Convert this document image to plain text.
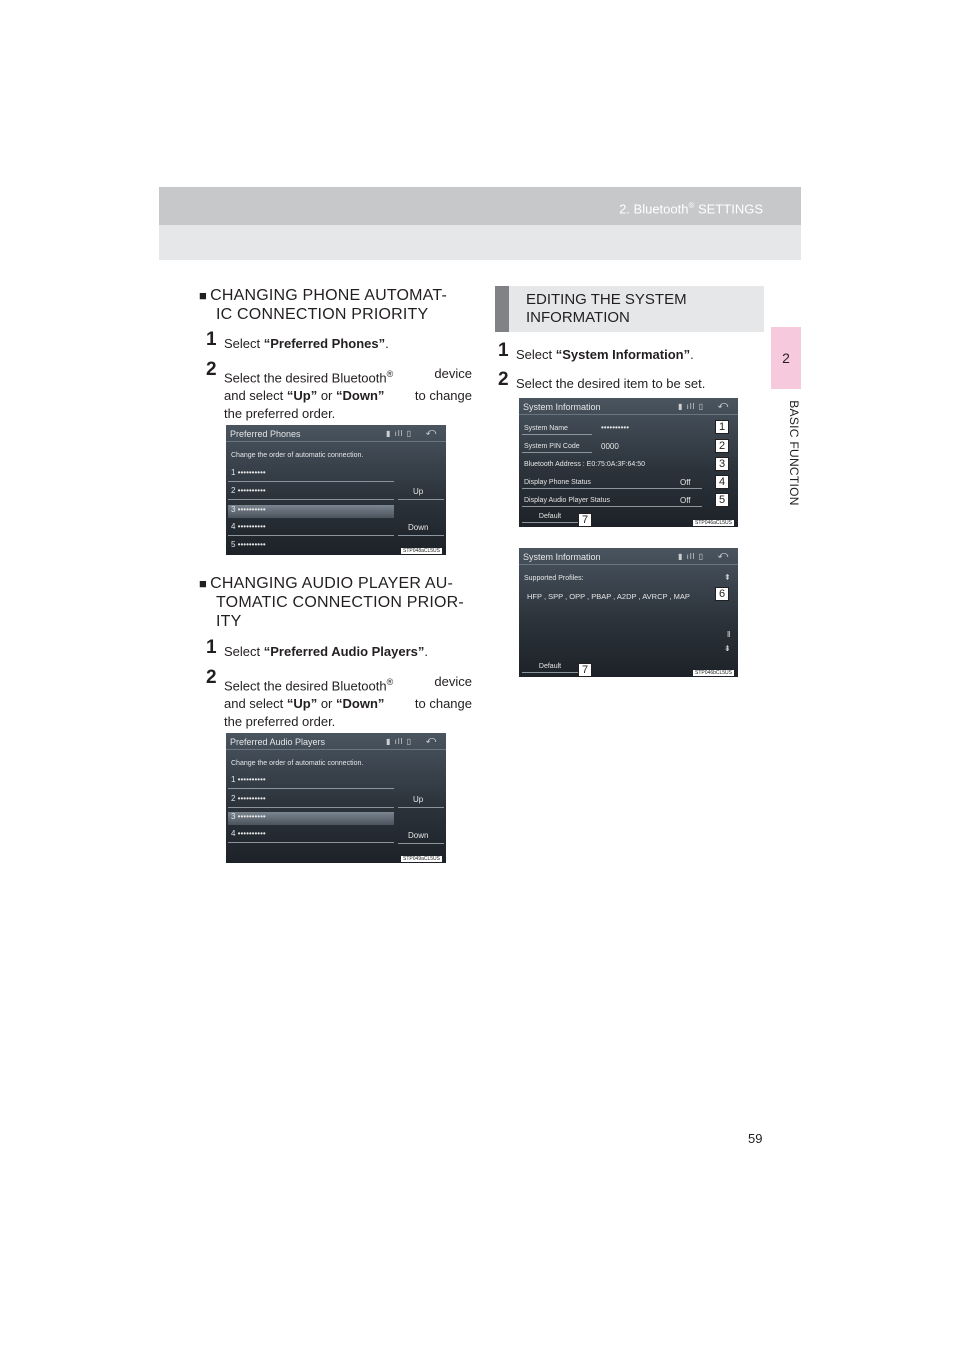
2. Bluetooth® SETTINGS
2
BASIC FUNCTION
59
■ CHANGING PHONE AUTOMAT-
IC CONNECTION PRIORITY
1 Select “Preferred Phones”.
2 Select the desired Bluetooth®	device
and select “Up” or “Down” to change
the preferred order.
Preferred Phones	▮ ıll ▯	⤺
Change the order of automatic connection.
1 ••••••••••
2 ••••••••••
3 ••••••••••
4 ••••••••••
5 ••••••••••
Up
Down
STP048aCL5US
■ CHANGING AUDIO PLAYER AU-
TOMATIC CONNECTION PRIOR-
ITY
1 Select “Preferred Audio Players”.
2 Select the desired Bluetooth®	device
and select “Up” or “Down” to change
the preferred order.
Preferred Audio Players	▮ ıll ▯	⤺
Change the order of automatic connection.
1 ••••••••••
2 ••••••••••
3 ••••••••••
4 ••••••••••
Up
Down
STP049aCL5US
EDITING THE SYSTEM
INFORMATION
1 Select “System Information”.
2 Select the desired item to be set.
System Information	▮ ıll ▯	⤺
System Name	••••••••••
System PIN Code	0000
Bluetooth Address : E0:75:0A:3F:64:50
Display Phone Status	Off
Display Audio Player Status	Off
Default
STP046aCL5US
1
2
3
4
5
7
System Information	▮ ıll ▯	⤺
Supported Profiles:
HFP , SPP , OPP , PBAP , A2DP , AVRCP , MAP
⇞
‖
⇟
Default
STP046bCL5US
6
7
